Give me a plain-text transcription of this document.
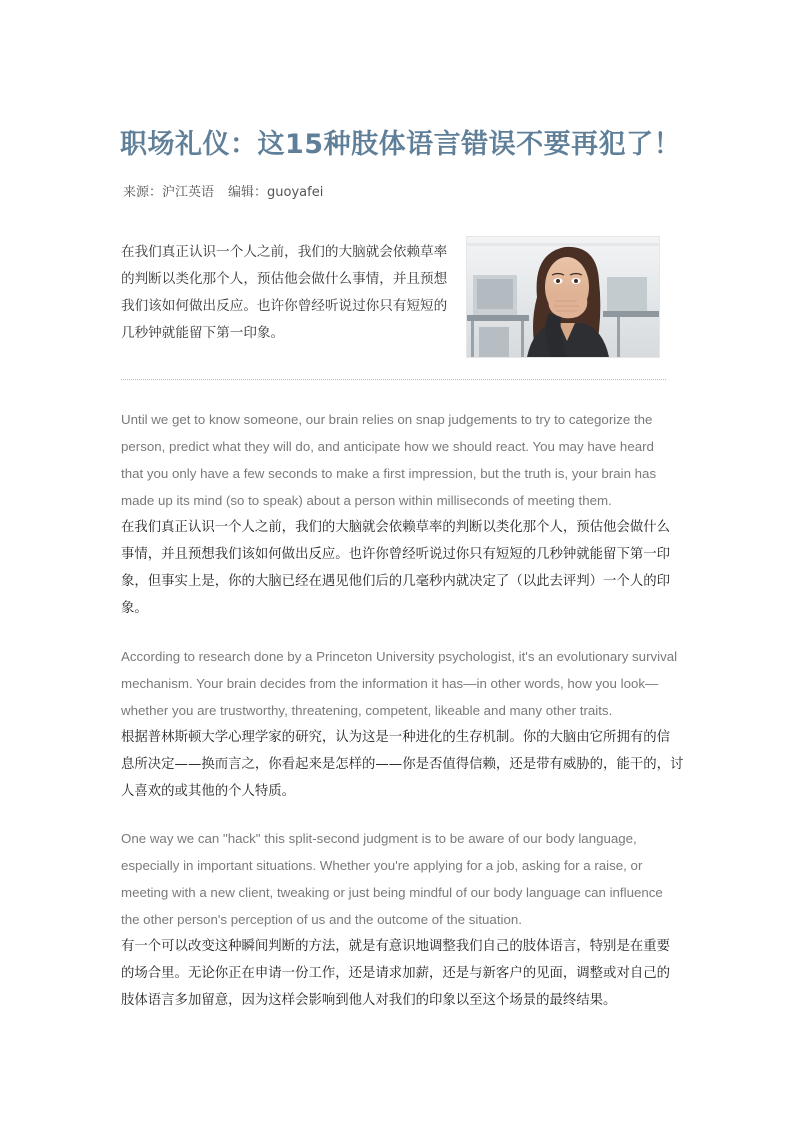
职场礼仪：这15种肢体语言错误不要再犯了！
来源：沪江英语 编辑：guoyafei
在我们真正认识一个人之前，我们的大脑就会依赖草率
的判断以类化那个人，预估他会做什么事情，并且预想
我们该如何做出反应。也许你曾经听说过你只有短短的
几秒钟就能留下第一印象。
Until we get to know someone, our brain relies on snap judgements to try to categorize the
person, predict what they will do, and anticipate how we should react. You may have heard
that you only have a few seconds to make a first impression, but the truth is, your brain has
made up its mind (so to speak) about a person within milliseconds of meeting them.
在我们真正认识一个人之前，我们的大脑就会依赖草率的判断以类化那个人，预估他会做什么
事情，并且预想我们该如何做出反应。也许你曾经听说过你只有短短的几秒钟就能留下第一印
象，但事实上是，你的大脑已经在遇见他们后的几毫秒内就决定了（以此去评判）一个人的印
象。
According to research done by a Princeton University psychologist, it's an evolutionary survival
mechanism. Your brain decides from the information it has—in other words, how you look—
whether you are trustworthy, threatening, competent, likeable and many other traits.
根据普林斯顿大学心理学家的研究，认为这是一种进化的生存机制。你的大脑由它所拥有的信
息所决定——换而言之，你看起来是怎样的——你是否值得信赖，还是带有威胁的，能干的，讨
人喜欢的或其他的个人特质。
One way we can "hack" this split-second judgment is to be aware of our body language,
especially in important situations. Whether you're applying for a job, asking for a raise, or
meeting with a new client, tweaking or just being mindful of our body language can influence
the other person's perception of us and the outcome of the situation.
有一个可以改变这种瞬间判断的方法，就是有意识地调整我们自己的肢体语言，特别是在重要
的场合里。无论你正在申请一份工作，还是请求加薪，还是与新客户的见面，调整或对自己的
肢体语言多加留意，因为这样会影响到他人对我们的印象以至这个场景的最终结果。
